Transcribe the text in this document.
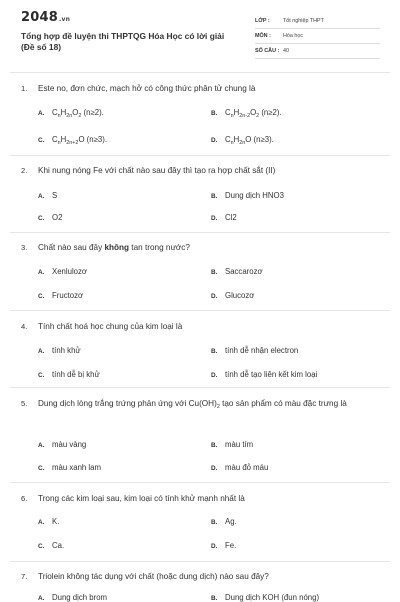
2048.vn
Tổng hợp đề luyện thi THPTQG Hóa Học có lời giải (Đề số 18)
LỚP : Tốt nghiệp THPT
MÔN : Hóa học
SỐ CÂU : 40
1. Este no, đơn chức, mạch hở có công thức phân tử chung là
A. $C_nH_{2n}O_2$ (n≥2).	B. $C_nH_{2n-2}O_2$ (n≥2).
C. $C_nH_{2n+2}O$ (n≥3).	D. $C_nH_{2n}O$ (n≥3).
2. Khi nung nóng Fe với chất nào sau đây thì tạo ra hợp chất sắt (II)
A. S	B. Dung dịch HNO3
C. O2	D. Cl2
3. Chất nào sau đây không tan trong nước?
A. Xenlulozơ	B. Saccarozơ
C. Fructozơ	D. Glucozơ
4. Tính chất hoá học chung của kim loại là
A. tính khử	B. tính dễ nhận electron
C. tính dễ bị khử	D. tính dễ tạo liên kết kim loại
5. Dung dịch lòng trắng trứng phản ứng với $Cu(OH)_2$ tạo sản phẩm có màu đặc trưng là
A. màu vàng	B. màu tím
C. màu xanh lam	D. màu đỏ máu
6. Trong các kim loại sau, kim loại có tính khử mạnh nhất là
A. K.	B. Ag.
C. Ca.	D. Fe.
7. Triolein không tác dụng với chất (hoặc dung dịch) nào sau đây?
A. Dung dịch brom	B. Dung dịch KOH (đun nóng)
